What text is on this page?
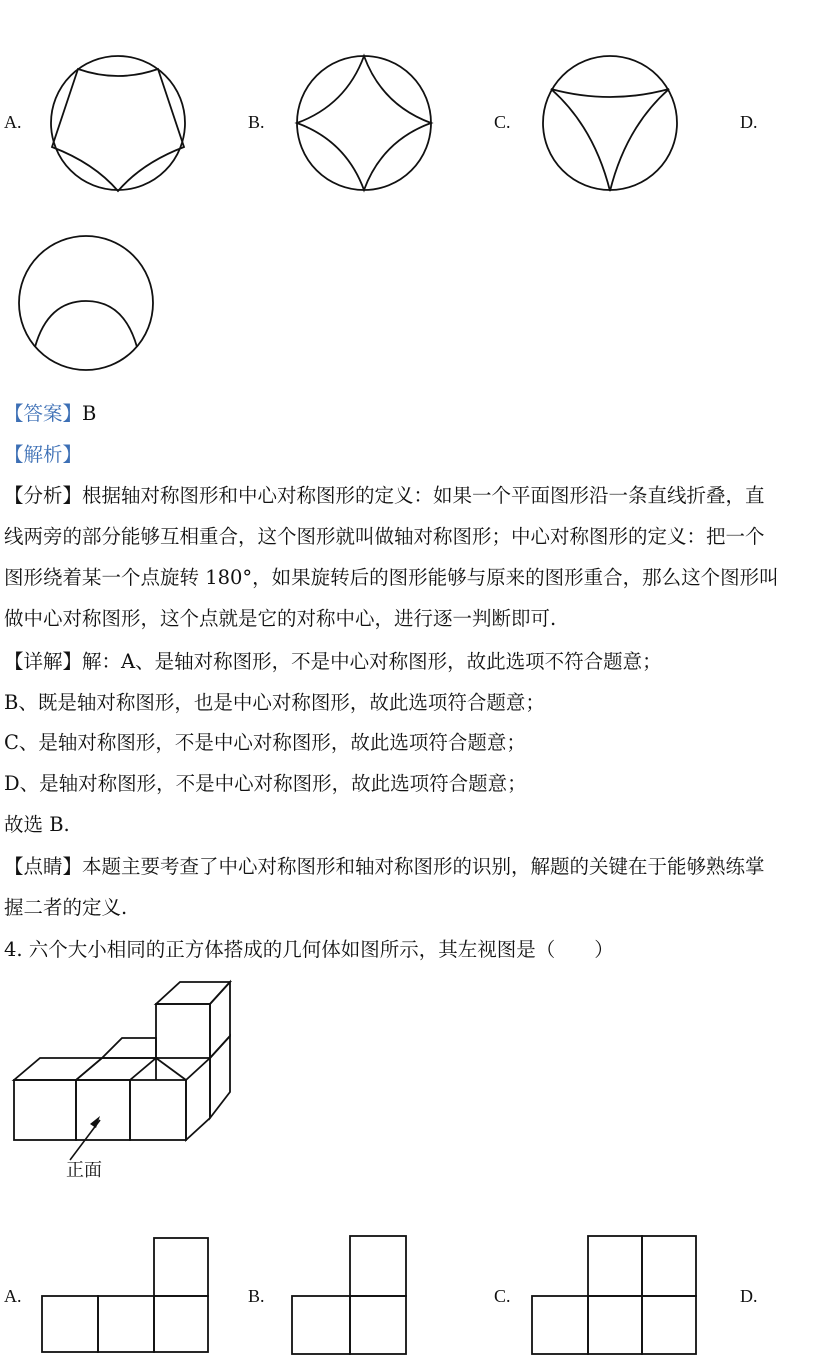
A.	B.	C.	D.
【答案】B
【解析】
【分析】根据轴对称图形和中心对称图形的定义：如果一个平面图形沿一条直线折叠，直
线两旁的部分能够互相重合，这个图形就叫做轴对称图形；中心对称图形的定义：把一个
图形绕着某一个点旋转 180°，如果旋转后的图形能够与原来的图形重合，那么这个图形叫
做中心对称图形，这个点就是它的对称中心，进行逐一判断即可.
【详解】解：A、是轴对称图形，不是中心对称图形，故此选项不符合题意；
B、既是轴对称图形，也是中心对称图形，故此选项符合题意；
C、是轴对称图形，不是中心对称图形，故此选项符合题意；
D、是轴对称图形，不是中心对称图形，故此选项符合题意；
故选 B.
【点睛】本题主要考查了中心对称图形和轴对称图形的识别，解题的关键在于能够熟练掌
握二者的定义.
4. 六个大小相同的正方体搭成的几何体如图所示，其左视图是（　　）
正面
A.	B.	C.	D.
